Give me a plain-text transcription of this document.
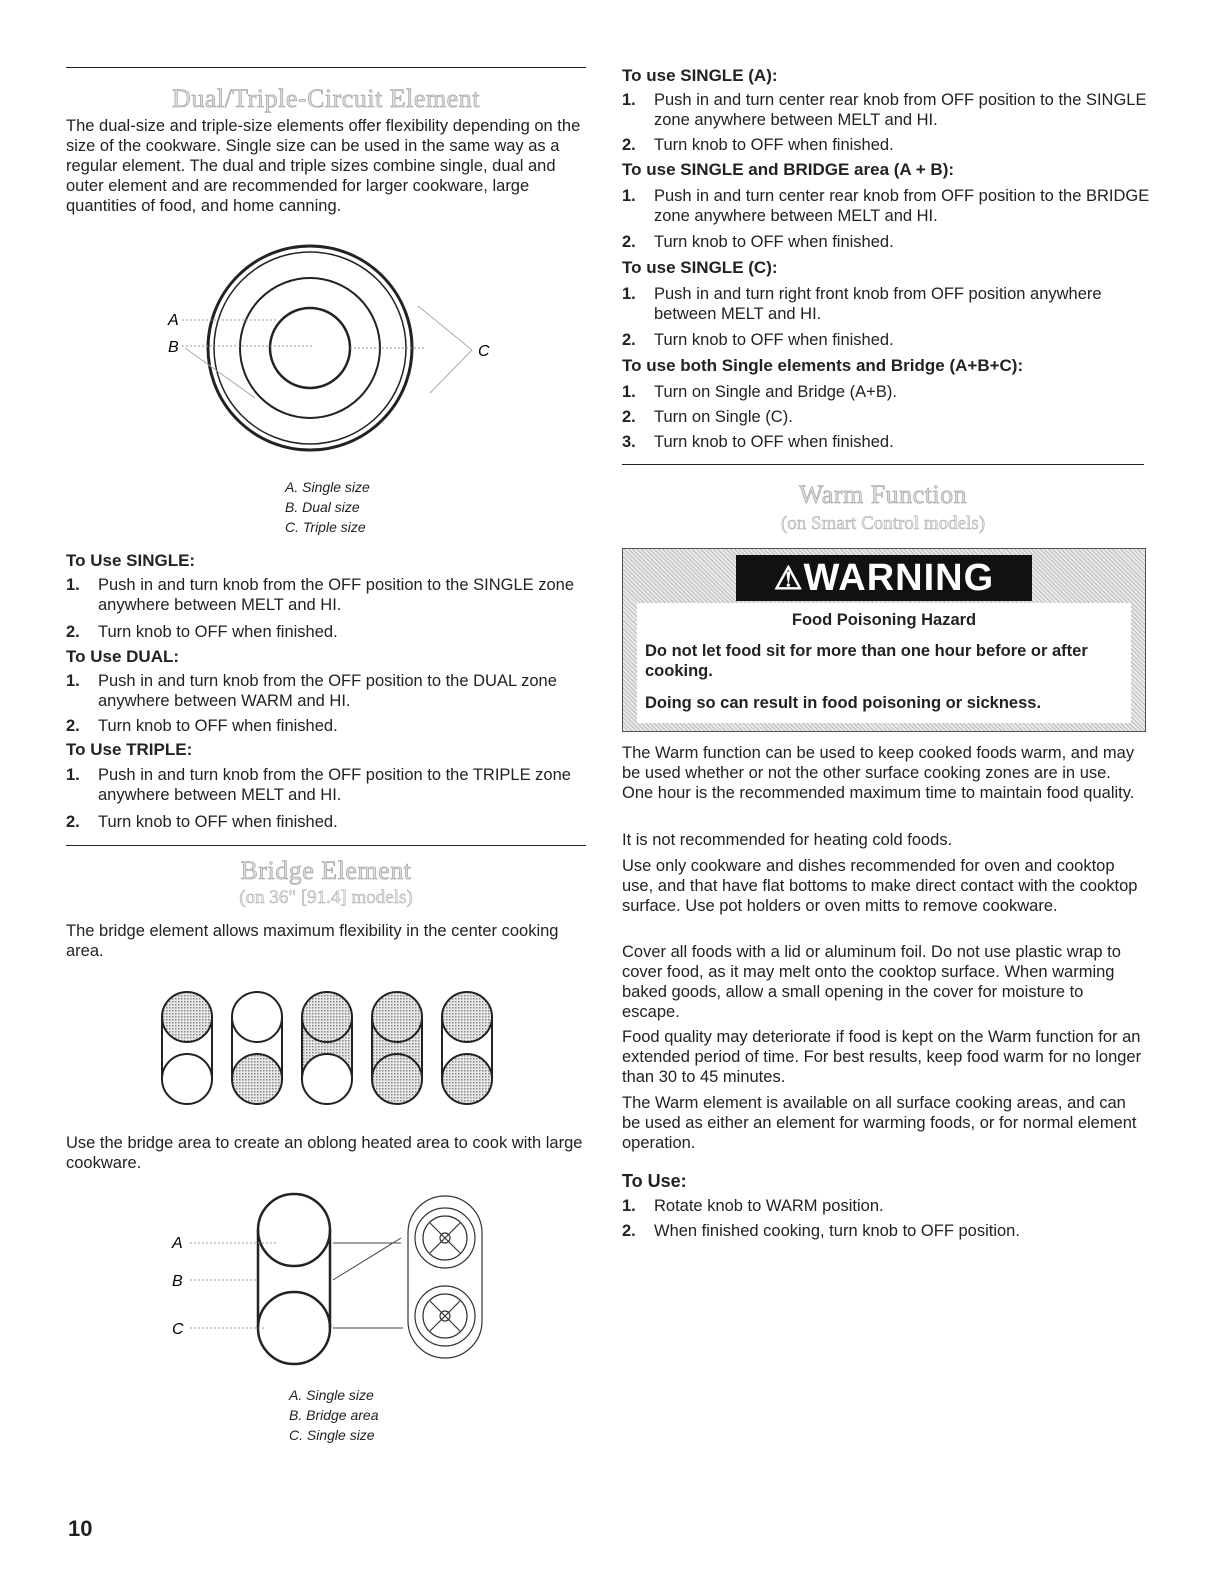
Dual/Triple-Circuit Element
The dual-size and triple-size elements offer flexibility depending on the size of the cookware. Single size can be used in the same way as a regular element. The dual and triple sizes combine single, dual and outer element and are recommended for larger cookware, large quantities of food, and home canning.
A
B	C
A. Single size
B. Dual size
C. Triple size
To Use SINGLE:
1. Push in and turn knob from the OFF position to the SINGLE zone anywhere between MELT and HI.
2. Turn knob to OFF when finished.
To Use DUAL:
1. Push in and turn knob from the OFF position to the DUAL zone anywhere between WARM and HI.
2. Turn knob to OFF when finished.
To Use TRIPLE:
1. Push in and turn knob from the OFF position to the TRIPLE zone anywhere between MELT and HI.
2. Turn knob to OFF when finished.
Bridge Element
(on 36" [91.4] models)
The bridge element allows maximum flexibility in the center cooking area.
Use the bridge area to create an oblong heated area to cook with large cookware.
A
B
C
A. Single size
B. Bridge area
C. Single size
10
To use SINGLE (A):
1. Push in and turn center rear knob from OFF position to the SINGLE zone anywhere between MELT and HI.
2. Turn knob to OFF when finished.
To use SINGLE and BRIDGE area (A + B):
1. Push in and turn center rear knob from OFF position to the BRIDGE zone anywhere between MELT and HI.
2. Turn knob to OFF when finished.
To use SINGLE (C):
1. Push in and turn right front knob from OFF position anywhere between MELT and HI.
2. Turn knob to OFF when finished.
To use both Single elements and Bridge (A+B+C):
1. Turn on Single and Bridge (A+B).
2. Turn on Single (C).
3. Turn knob to OFF when finished.
Warm Function
(on Smart Control models)
⚠WARNING
Food Poisoning Hazard
Do not let food sit for more than one hour before or after cooking.
Doing so can result in food poisoning or sickness.
The Warm function can be used to keep cooked foods warm, and may be used whether or not the other surface cooking zones are in use. One hour is the recommended maximum time to maintain food quality.
It is not recommended for heating cold foods.
Use only cookware and dishes recommended for oven and cooktop use, and that have flat bottoms to make direct contact with the cooktop surface. Use pot holders or oven mitts to remove cookware.
Cover all foods with a lid or aluminum foil. Do not use plastic wrap to cover food, as it may melt onto the cooktop surface. When warming baked goods, allow a small opening in the cover for moisture to escape.
Food quality may deteriorate if food is kept on the Warm function for an extended period of time. For best results, keep food warm for no longer than 30 to 45 minutes.
The Warm element is available on all surface cooking areas, and can be used as either an element for warming foods, or for normal element operation.
To Use:
1. Rotate knob to WARM position.
2. When finished cooking, turn knob to OFF position.
